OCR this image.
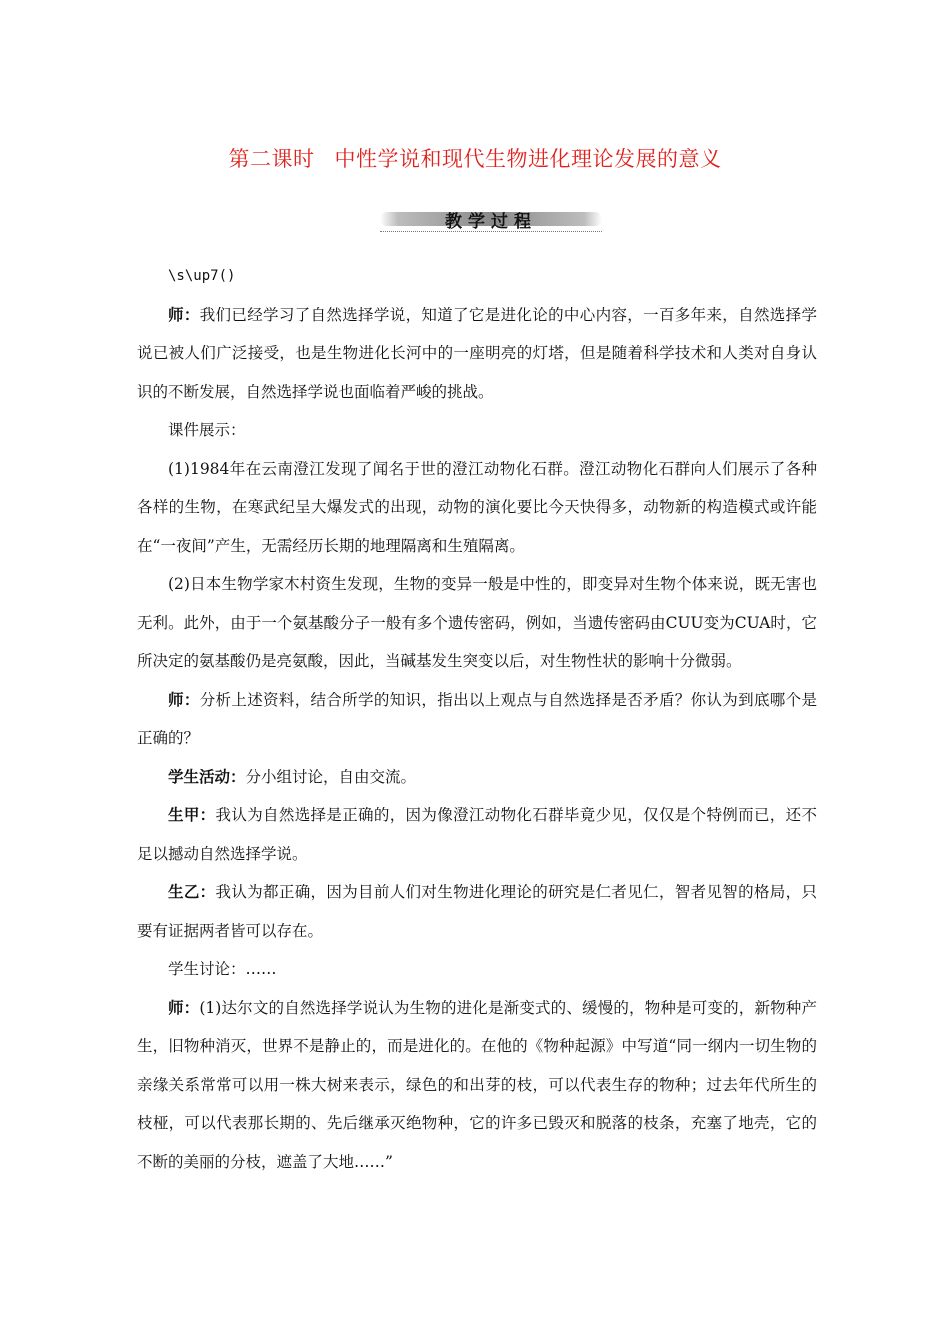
第二课时 中性学说和现代生物进化理论发展的意义
教学过程

\s\up7()

师：我们已经学习了自然选择学说，知道了它是进化论的中心内容，一百多年来，自然选择学说已被人们广泛接受，也是生物进化长河中的一座明亮的灯塔，但是随着科学技术和人类对自身认识的不断发展，自然选择学说也面临着严峻的挑战。

课件展示：

(1)1984年在云南澄江发现了闻名于世的澄江动物化石群。澄江动物化石群向人们展示了各种各样的生物，在寒武纪呈大爆发式的出现，动物的演化要比今天快得多，动物新的构造模式或许能在“一夜间”产生，无需经历长期的地理隔离和生殖隔离。

(2)日本生物学家木村资生发现，生物的变异一般是中性的，即变异对生物个体来说，既无害也无利。此外，由于一个氨基酸分子一般有多个遗传密码，例如，当遗传密码由CUU变为CUA时，它所决定的氨基酸仍是亮氨酸，因此，当碱基发生突变以后，对生物性状的影响十分微弱。

师：分析上述资料，结合所学的知识，指出以上观点与自然选择是否矛盾？你认为到底哪个是正确的？

学生活动：分小组讨论，自由交流。

生甲：我认为自然选择是正确的，因为像澄江动物化石群毕竟少见，仅仅是个特例而已，还不足以撼动自然选择学说。

生乙：我认为都正确，因为目前人们对生物进化理论的研究是仁者见仁，智者见智的格局，只要有证据两者皆可以存在。

学生讨论：……

师：(1)达尔文的自然选择学说认为生物的进化是渐变式的、缓慢的，物种是可变的，新物种产生，旧物种消灭，世界不是静止的，而是进化的。在他的《物种起源》中写道“同一纲内一切生物的亲缘关系常常可以用一株大树来表示，绿色的和出芽的枝，可以代表生存的物种；过去年代所生的枝桠，可以代表那长期的、先后继承灭绝物种，它的许多已毁灭和脱落的枝条，充塞了地壳，它的不断的美丽的分枝，遮盖了大地……”
